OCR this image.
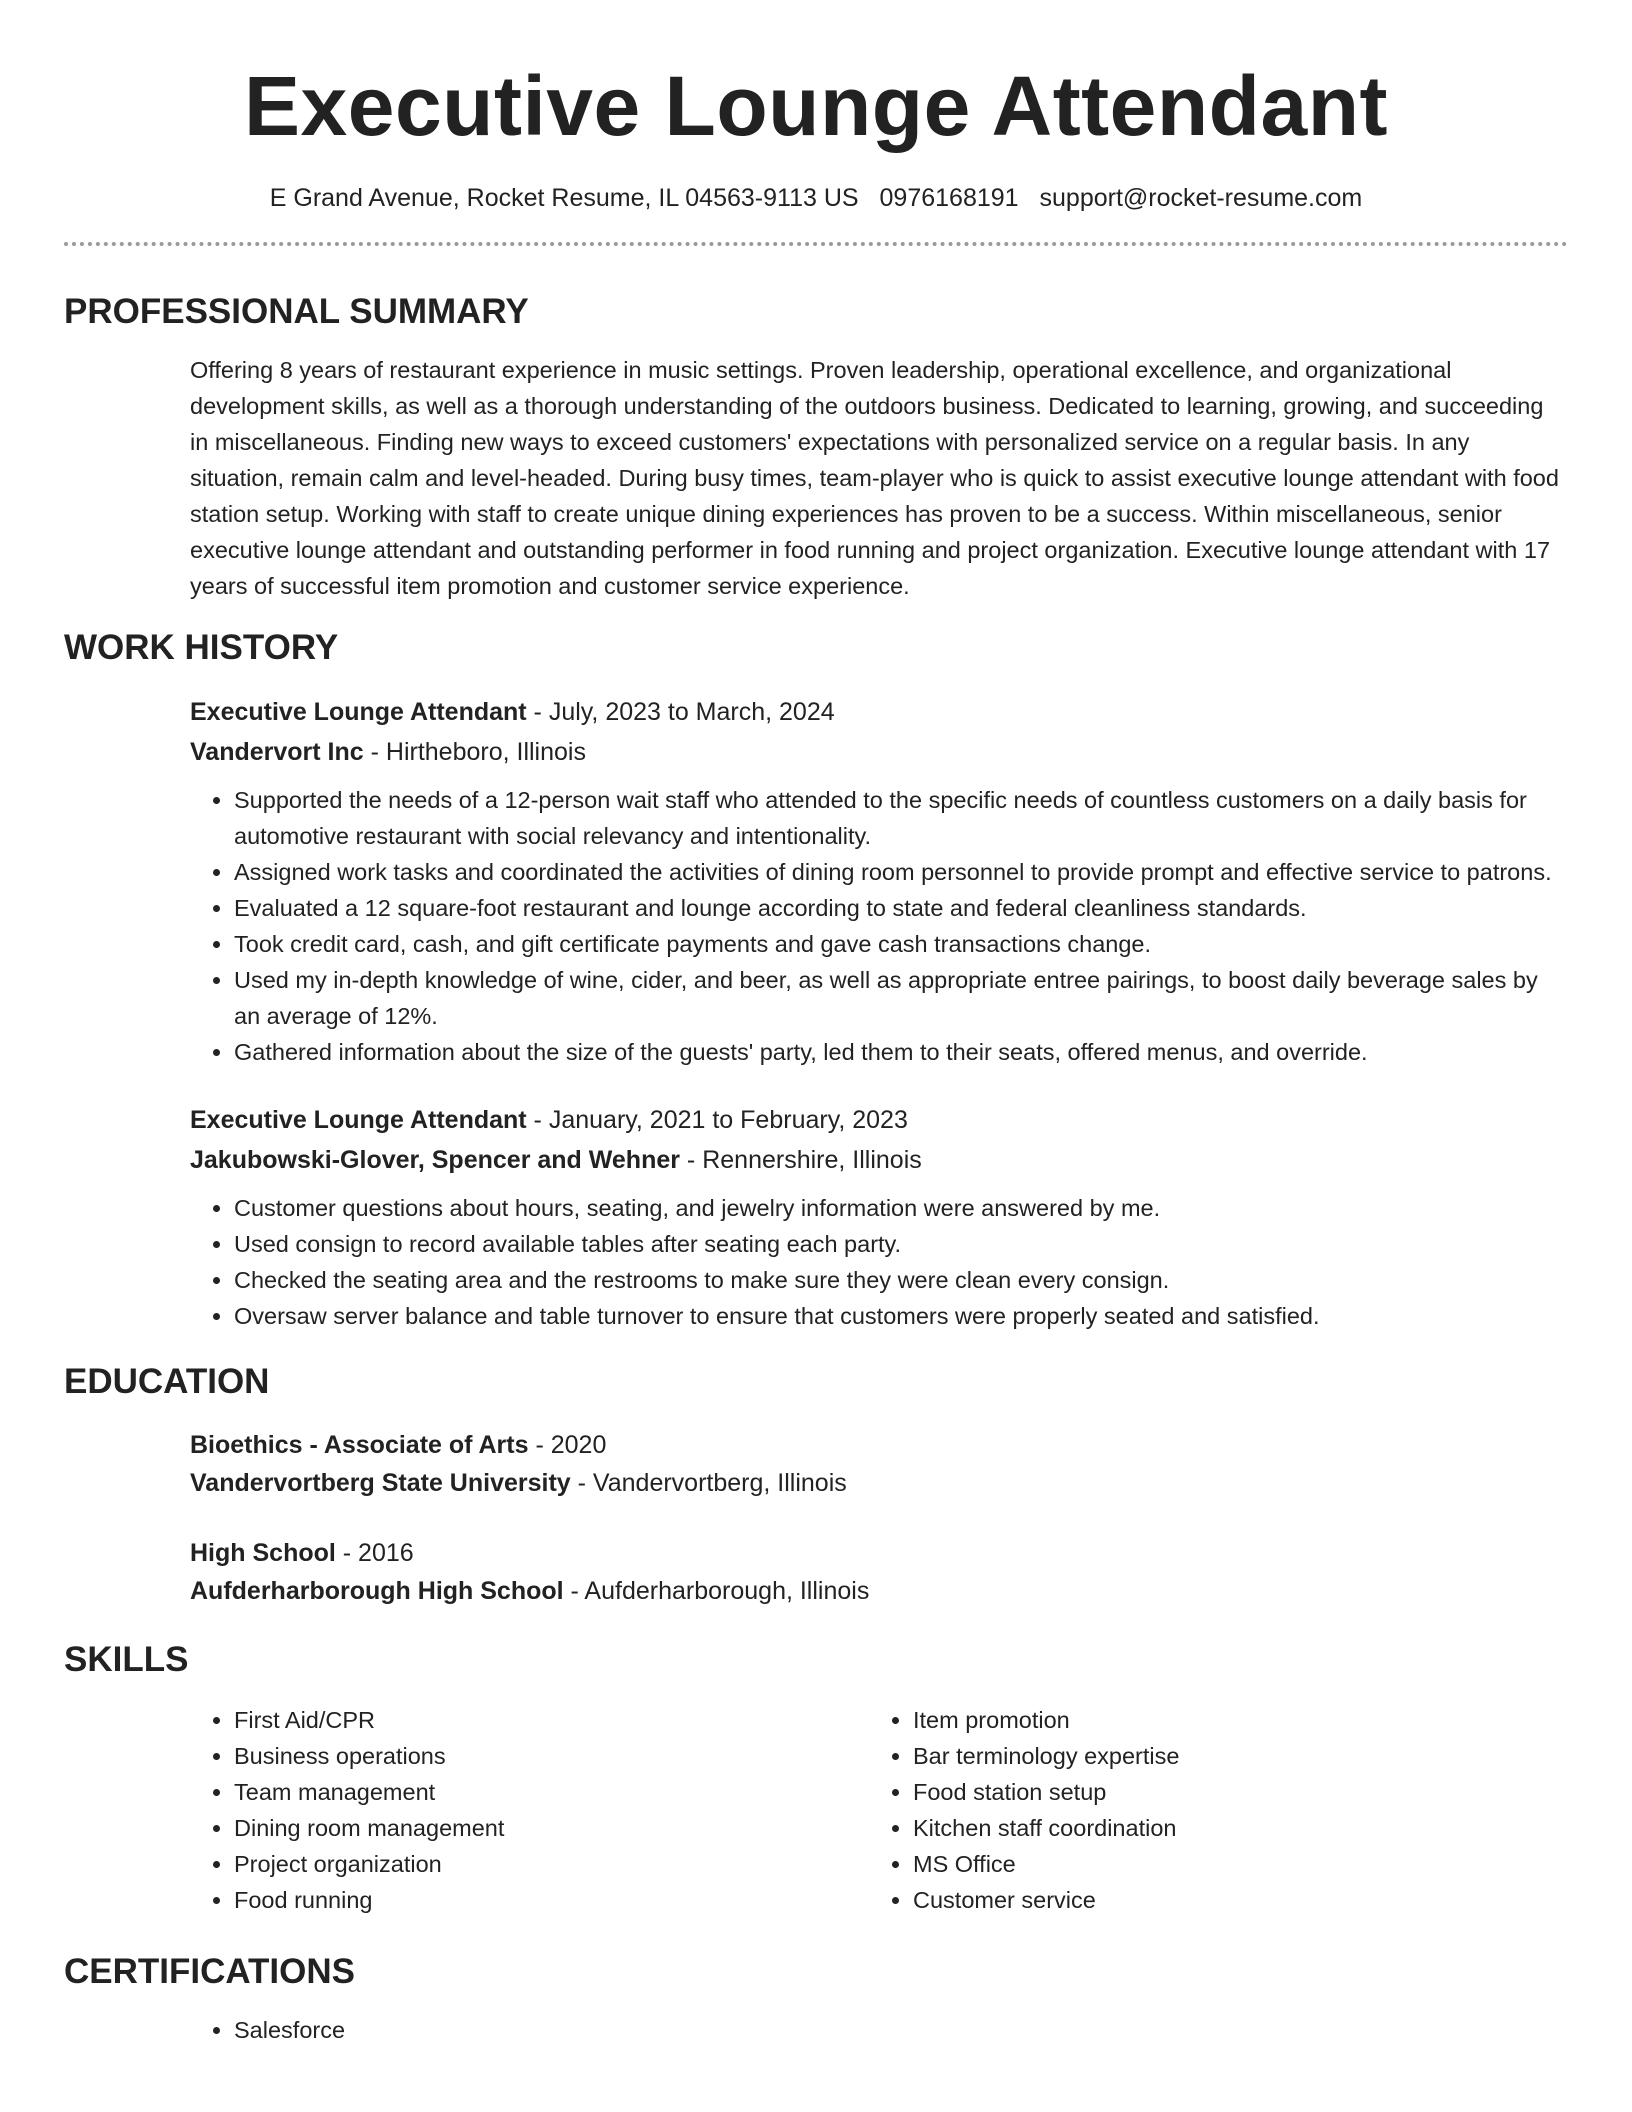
Executive Lounge Attendant
E Grand Avenue, Rocket Resume, IL 04563-9113 US 0976168191 support@rocket-resume.com
PROFESSIONAL SUMMARY
Offering 8 years of restaurant experience in music settings. Proven leadership, operational excellence, and organizational development skills, as well as a thorough understanding of the outdoors business. Dedicated to learning, growing, and succeeding in miscellaneous. Finding new ways to exceed customers' expectations with personalized service on a regular basis. In any situation, remain calm and level-headed. During busy times, team-player who is quick to assist executive lounge attendant with food station setup. Working with staff to create unique dining experiences has proven to be a success. Within miscellaneous, senior executive lounge attendant and outstanding performer in food running and project organization. Executive lounge attendant with 17 years of successful item promotion and customer service experience.
WORK HISTORY
Executive Lounge Attendant - July, 2023 to March, 2024
Vandervort Inc - Hirtheboro, Illinois
• Supported the needs of a 12-person wait staff who attended to the specific needs of countless customers on a daily basis for automotive restaurant with social relevancy and intentionality.
• Assigned work tasks and coordinated the activities of dining room personnel to provide prompt and effective service to patrons.
• Evaluated a 12 square-foot restaurant and lounge according to state and federal cleanliness standards.
• Took credit card, cash, and gift certificate payments and gave cash transactions change.
• Used my in-depth knowledge of wine, cider, and beer, as well as appropriate entree pairings, to boost daily beverage sales by an average of 12%.
• Gathered information about the size of the guests' party, led them to their seats, offered menus, and override.
Executive Lounge Attendant - January, 2021 to February, 2023
Jakubowski-Glover, Spencer and Wehner - Rennershire, Illinois
• Customer questions about hours, seating, and jewelry information were answered by me.
• Used consign to record available tables after seating each party.
• Checked the seating area and the restrooms to make sure they were clean every consign.
• Oversaw server balance and table turnover to ensure that customers were properly seated and satisfied.
EDUCATION
Bioethics - Associate of Arts - 2020
Vandervortberg State University - Vandervortberg, Illinois
High School - 2016
Aufderharborough High School - Aufderharborough, Illinois
SKILLS
• First Aid/CPR
• Business operations
• Team management
• Dining room management
• Project organization
• Food running
• Item promotion
• Bar terminology expertise
• Food station setup
• Kitchen staff coordination
• MS Office
• Customer service
CERTIFICATIONS
• Salesforce
